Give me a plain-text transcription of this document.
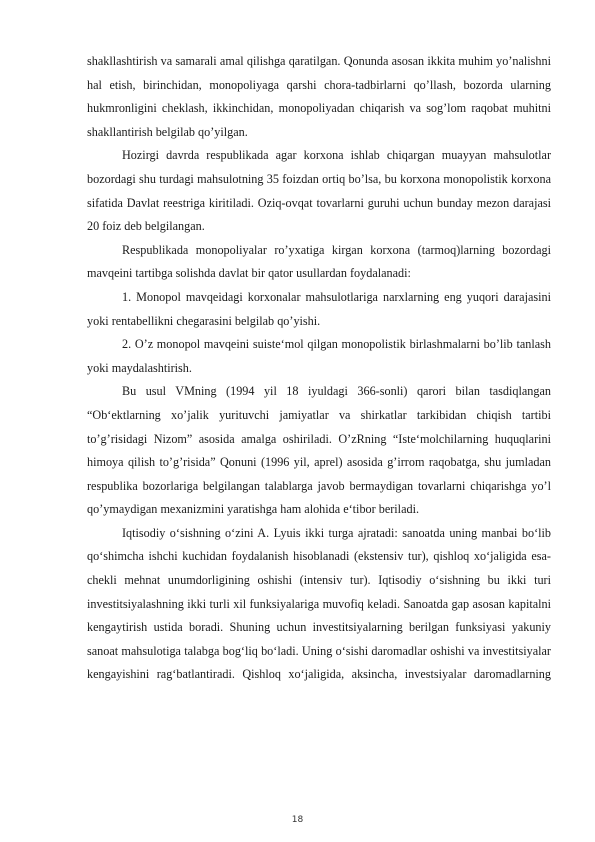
shakllashtirish va samarali amal qilishga qaratilgan. Qonunda asosan ikkita muhim yo’nalishni hal etish, birinchidan, monopoliyaga qarshi chora-tadbirlarni qo’llash, bozorda ularning hukmronligini cheklash, ikkinchidan, monopoliyadan chiqarish va sog’lom raqobat muhitni shakllantirish belgilab qo’yilgan.

Hozirgi davrda respublikada agar korxona ishlab chiqargan muayyan mahsulotlar bozordagi shu turdagi mahsulotning 35 foizdan ortiq bo’lsa, bu korxona monopolistik korxona sifatida Davlat reestriga kiritiladi. Oziq-ovqat tovarlarni guruhi uchun bunday mezon darajasi 20 foiz deb belgilangan.

Respublikada monopoliyalar ro’yxatiga kirgan korxona (tarmoq)larning bozordagi mavqeini tartibga solishda davlat bir qator usullardan foydalanadi:

1. Monopol mavqeidagi korxonalar mahsulotlariga narxlarning eng yuqori darajasini yoki rentabellikni chegarasini belgilab qo’yishi.

2. O’z monopol mavqeini suiste‘mol qilgan monopolistik birlashmalarni bo’lib tanlash yoki maydalashtirish.

Bu usul VMning (1994 yil 18 iyuldagi 366-sonli) qarori bilan tasdiqlangan “Ob‘ektlarning xo’jalik yurituvchi jamiyatlar va shirkatlar tarkibidan chiqish tartibi to’g’risidagi Nizom” asosida amalga oshiriladi. O’zRning “Iste‘molchilarning huquqlarini himoya qilish to’g’risida” Qonuni (1996 yil, aprel) asosida g’irrom raqobatga, shu jumladan respublika bozorlariga belgilangan talablarga javob bermaydigan tovarlarni chiqarishga yo’l qo’ymaydigan mexanizmini yaratishga ham alohida e‘tibor beriladi.

Iqtisodiy o‘sishning o‘zini A. Lyuis ikki turga ajratadi: sanoatda uning manbai bo‘lib qo‘shimcha ishchi kuchidan foydalanish hisoblanadi (ekstensiv tur), qishloq xo‘jaligida esa- chekli mehnat unumdorligining oshishi (intensiv tur). Iqtisodiy o‘sishning bu ikki turi investitsiyalashning ikki turli xil funksiyalariga muvofiq keladi. Sanoatda gap asosan kapitalni kengaytirish ustida boradi. Shuning uchun investitsiyalarning berilgan funksiyasi yakuniy sanoat mahsulotiga talabga bog‘liq bo‘ladi. Uning o‘sishi daromadlar oshishi va investitsiyalar kengayishini rag‘batlantiradi. Qishloq xo‘jaligida, aksincha, investsiyalar daromadlarning

18
